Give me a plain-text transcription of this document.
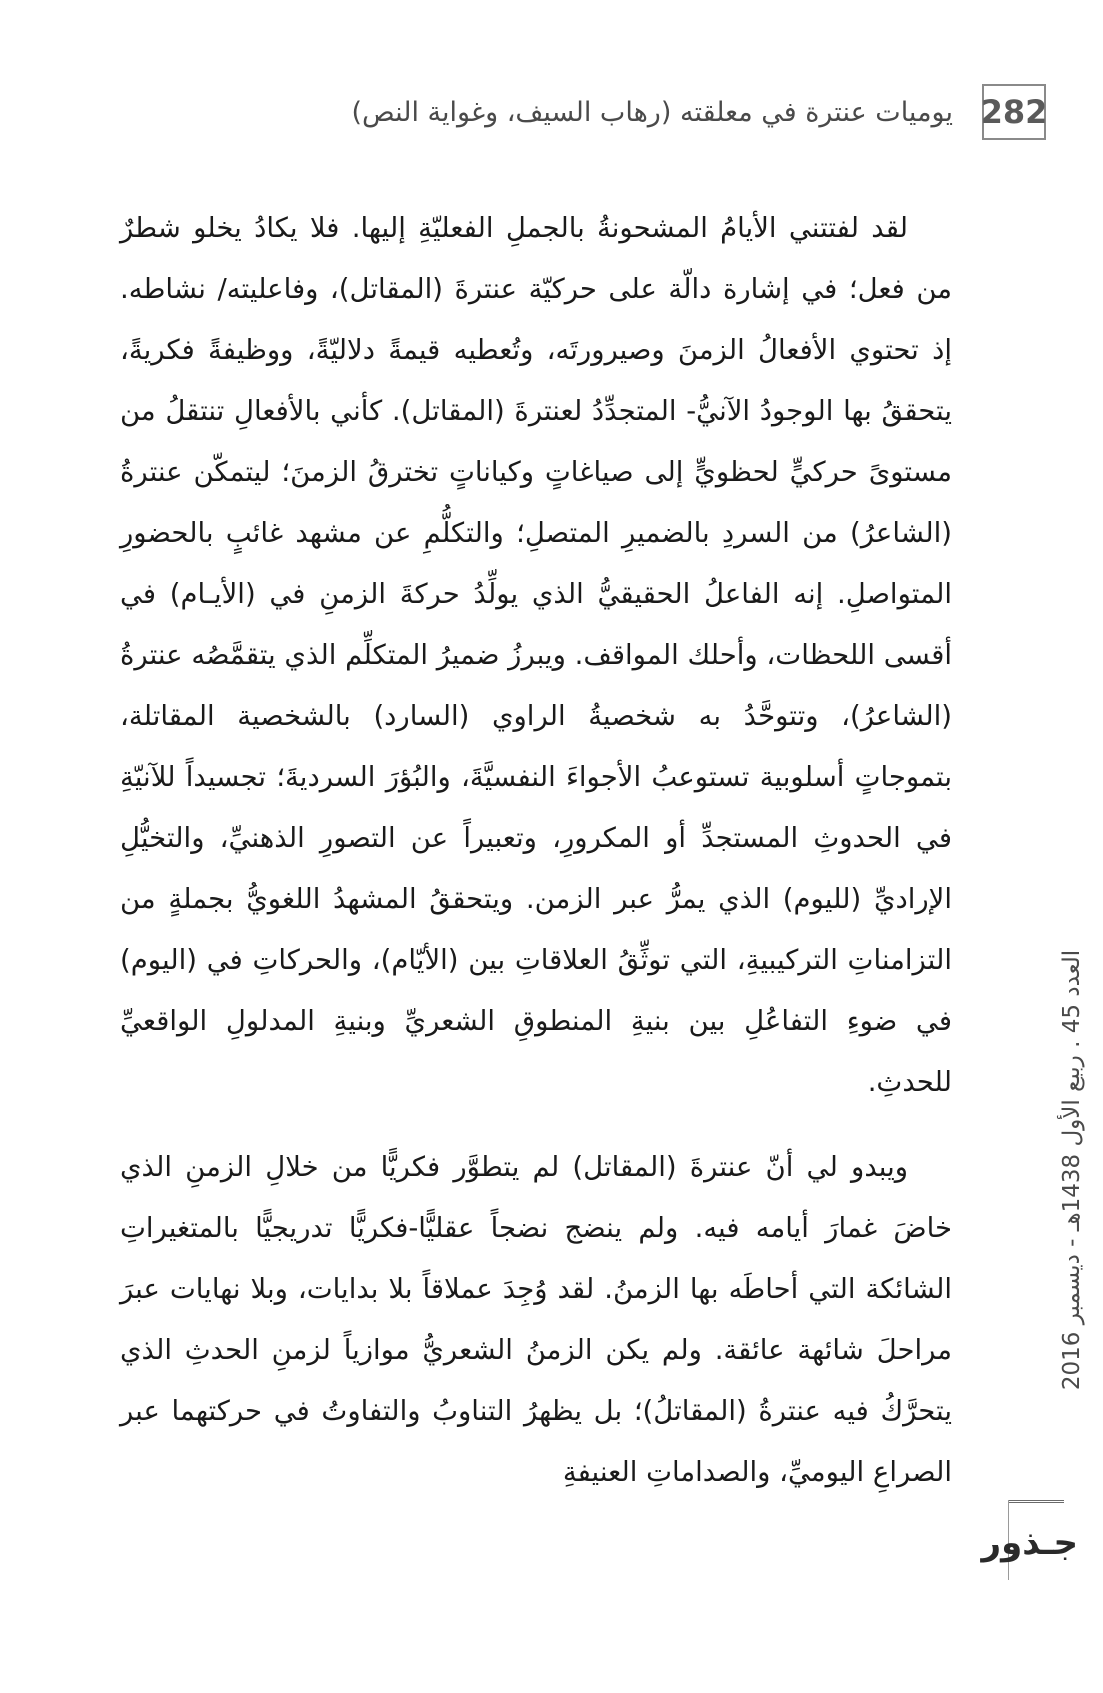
282
يوميات عنترة في معلقته (رهاب السيف، وغواية النص)

لقد لفتتني الأيامُ المشحونةُ بالجملِ الفعليّةِ إليها. فلا يكادُ يخلو شطرٌ من فعل؛ في إشارة دالّة على حركيّة عنترةَ (المقاتل)، وفاعليته/ نشاطه. إذ تحتوي الأفعالُ الزمنَ وصيرورتَه، وتُعطيه قيمةً دلاليّةً، ووظيفةً فكريةً، يتحققُ بها الوجودُ الآنيُّ- المتجدِّدُ لعنترةَ (المقاتل). كأني بالأفعالِ تنتقلُ من مستوىً حركيٍّ لحظويٍّ إلى صياغاتٍ وكياناتٍ تخترقُ الزمنَ؛ ليتمكّن عنترةُ (الشاعرُ) من السردِ بالضميرِ المتصلِ؛ والتكلُّمِ عن مشهد غائبٍ بالحضورِ المتواصلِ. إنه الفاعلُ الحقيقيُّ الذي يولِّدُ حركةَ الزمنِ في (الأيـام) في أقسى اللحظات، وأحلك المواقف. ويبرزُ ضميرُ المتكلِّم الذي يتقمَّصُه عنترةُ (الشاعرُ)، وتتوحَّدُ به شخصيةُ الراوي (السارد) بالشخصية المقاتلة، بتموجاتٍ أسلوبية تستوعبُ الأجواءَ النفسيَّةَ، والبُؤرَ السرديةَ؛ تجسيداً للآنيّةِ في الحدوثِ المستجدِّ أو المكرورِ، وتعبيراً عن التصورِ الذهنيِّ، والتخيُّلِ الإراديِّ (لليوم) الذي يمرُّ عبر الزمن. ويتحققُ المشهدُ اللغويُّ بجملةٍ من التزامناتِ التركيبيةِ، التي توثِّقُ العلاقاتِ بين (الأيّام)، والحركاتِ في (اليوم) في ضوءِ التفاعُلِ بين بنيةِ المنطوقِ الشعريِّ وبنيةِ المدلولِ الواقعيِّ للحدثِ.

ويبدو لي أنّ عنترةَ (المقاتل) لم يتطوَّر فكريًّا من خلالِ الزمنِ الذي خاضَ غمارَ أيامه فيه. ولم ينضج نضجاً عقليًّا-فكريًّا تدريجيًّا بالمتغيراتِ الشائكة التي أحاطَه بها الزمنُ. لقد وُجِدَ عملاقاً بلا بدايات، وبلا نهايات عبرَ مراحلَ شائهة عائقة. ولم يكن الزمنُ الشعريُّ موازياً لزمنِ الحدثِ الذي يتحرَّكُ فيه عنترةُ (المقاتلُ)؛ بل يظهرُ التناوبُ والتفاوتُ في حركتهما عبر الصراعِ اليوميِّ، والصداماتِ العنيفةِ

العدد 45 . ربيع الأول 1438هـ - ديسمبر 2016
جـذور
